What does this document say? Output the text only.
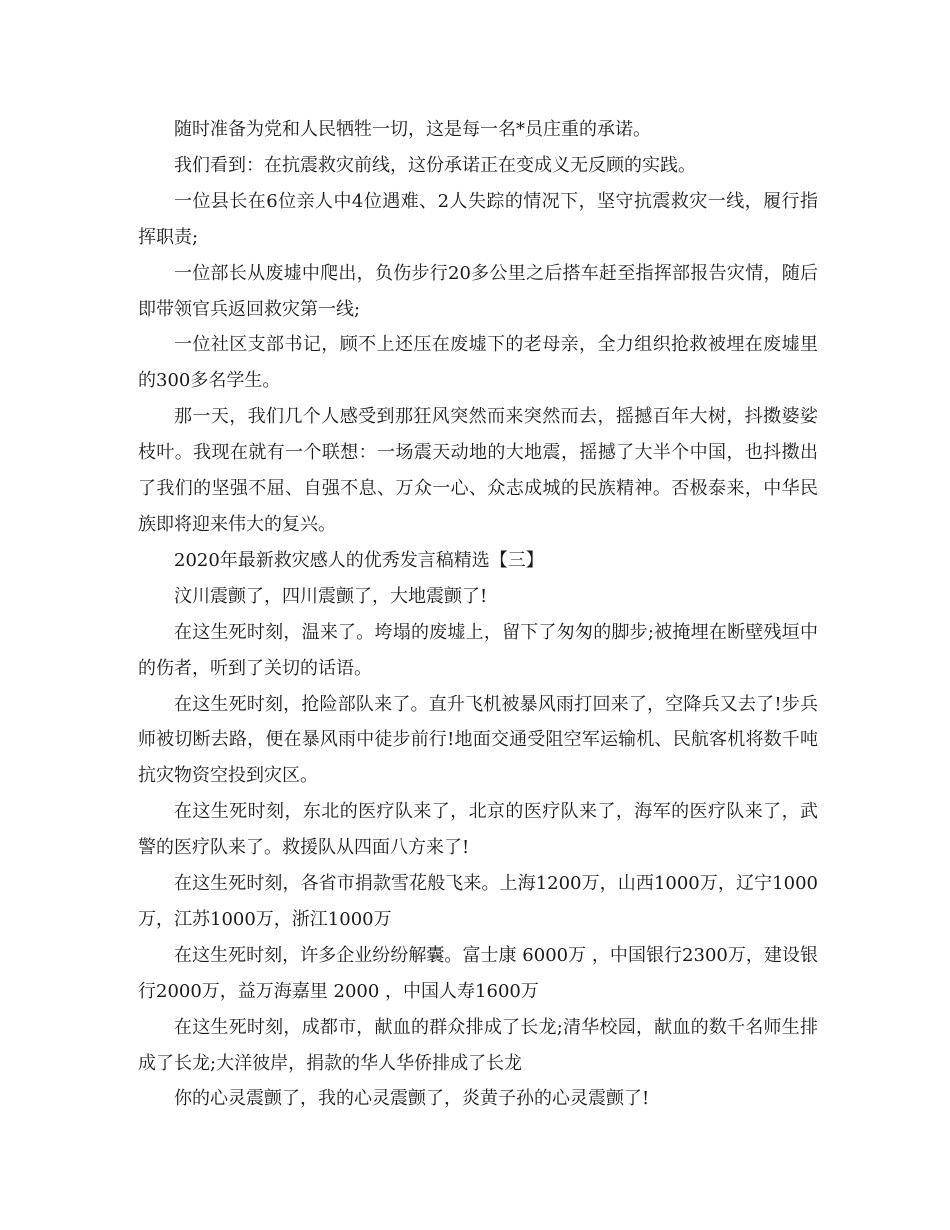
随时准备为党和人民牺牲一切，这是每一名*员庄重的承诺。

我们看到：在抗震救灾前线，这份承诺正在变成义无反顾的实践。

一位县长在6位亲人中4位遇难、2人失踪的情况下，坚守抗震救灾一线，履行指挥职责;

一位部长从废墟中爬出，负伤步行20多公里之后搭车赶至指挥部报告灾情，随后即带领官兵返回救灾第一线;

一位社区支部书记，顾不上还压在废墟下的老母亲，全力组织抢救被埋在废墟里的300多名学生。

那一天，我们几个人感受到那狂风突然而来突然而去，摇撼百年大树，抖擞婆娑枝叶。我现在就有一个联想：一场震天动地的大地震，摇撼了大半个中国，也抖擞出了我们的坚强不屈、自强不息、万众一心、众志成城的民族精神。否极泰来，中华民族即将迎来伟大的复兴。

2020年最新救灾感人的优秀发言稿精选【三】

汶川震颤了，四川震颤了，大地震颤了!

在这生死时刻，温来了。垮塌的废墟上，留下了匆匆的脚步;被掩埋在断壁残垣中的伤者，听到了关切的话语。

在这生死时刻，抢险部队来了。直升飞机被暴风雨打回来了，空降兵又去了!步兵师被切断去路，便在暴风雨中徒步前行!地面交通受阻空军运输机、民航客机将数千吨抗灾物资空投到灾区。

在这生死时刻，东北的医疗队来了，北京的医疗队来了，海军的医疗队来了，武警的医疗队来了。救援队从四面八方来了!

在这生死时刻，各省市捐款雪花般飞来。上海1200万，山西1000万，辽宁1000万，江苏1000万，浙江1000万

在这生死时刻，许多企业纷纷解囊。富士康 6000万 ，中国银行2300万，建设银行2000万，益万海嘉里 2000 ，中国人寿1600万

在这生死时刻，成都市，献血的群众排成了长龙;清华校园，献血的数千名师生排成了长龙;大洋彼岸，捐款的华人华侨排成了长龙

你的心灵震颤了，我的心灵震颤了，炎黄子孙的心灵震颤了!
